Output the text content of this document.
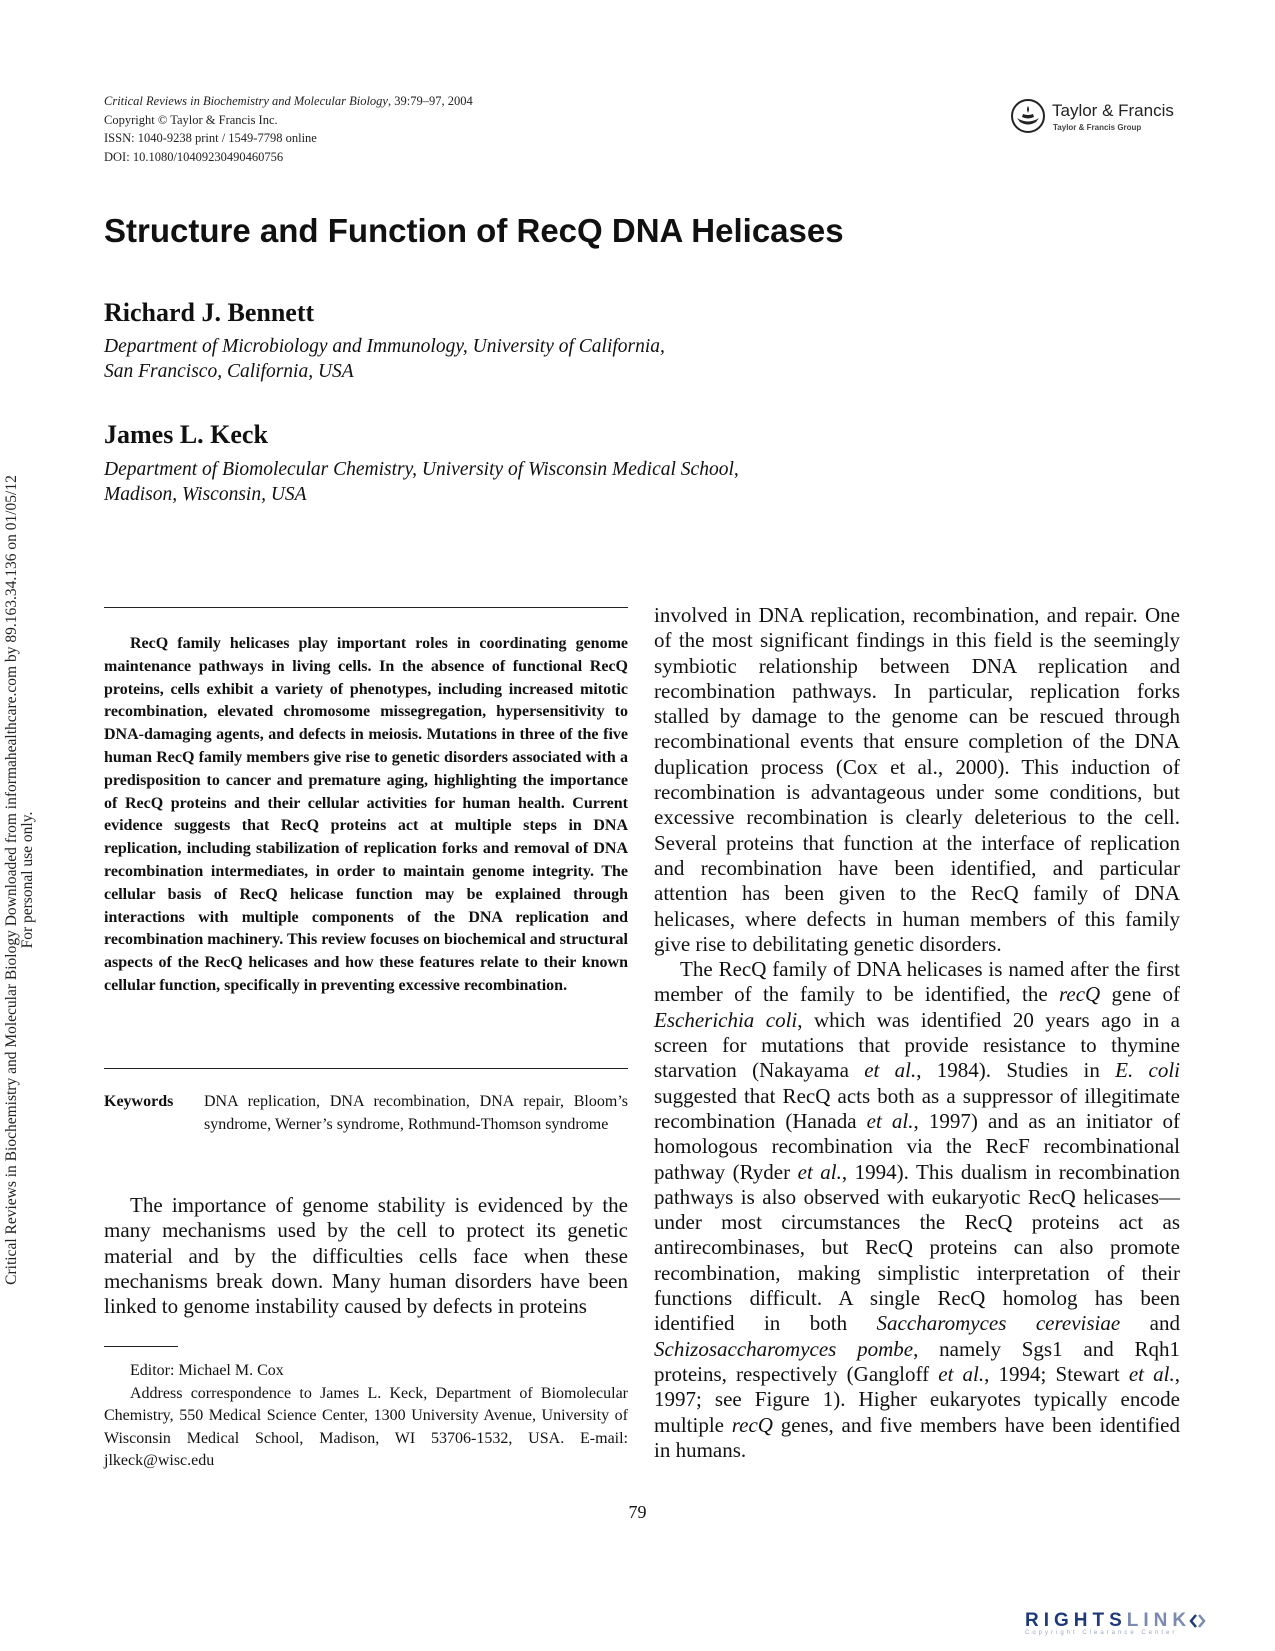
Critical Reviews in Biochemistry and Molecular Biology Downloaded from informahealthcare.com by 89.163.34.136 on 01/05/12 For personal use only.
Critical Reviews in Biochemistry and Molecular Biology, 39:79–97, 2004
Copyright © Taylor & Francis Inc.
ISSN: 1040-9238 print / 1549-7798 online
DOI: 10.1080/10409230490460756
Taylor & Francis
Taylor & Francis Group
Structure and Function of RecQ DNA Helicases
Richard J. Bennett
Department of Microbiology and Immunology, University of California,
San Francisco, California, USA
James L. Keck
Department of Biomolecular Chemistry, University of Wisconsin Medical School,
Madison, Wisconsin, USA

RecQ family helicases play important roles in coordinating genome maintenance pathways in living cells. In the absence of functional RecQ proteins, cells exhibit a variety of phenotypes, including increased mitotic recombination, elevated chromosome missegregation, hypersensitivity to DNA-damaging agents, and defects in meiosis. Mutations in three of the five human RecQ family members give rise to genetic disorders associated with a predisposition to cancer and premature aging, highlighting the importance of RecQ proteins and their cellular activities for human health. Current evidence suggests that RecQ proteins act at multiple steps in DNA replication, including stabilization of replication forks and removal of DNA recombination intermediates, in order to maintain genome integrity. The cellular basis of RecQ helicase function may be explained through interactions with multiple components of the DNA replication and recombination machinery. This review focuses on biochemical and structural aspects of the RecQ helicases and how these features relate to their known cellular function, specifically in preventing excessive recombination.

Keywords DNA replication, DNA recombination, DNA repair, Bloom’s syndrome, Werner’s syndrome, Rothmund-Thomson syndrome

The importance of genome stability is evidenced by the many mechanisms used by the cell to protect its genetic material and by the difficulties cells face when these mechanisms break down. Many human disorders have been linked to genome instability caused by defects in proteins

Editor: Michael M. Cox

Address correspondence to James L. Keck, Department of Biomolecular Chemistry, 550 Medical Science Center, 1300 University Avenue, University of Wisconsin Medical School, Madison, WI 53706-1532, USA. E-mail: jlkeck@wisc.edu

involved in DNA replication, recombination, and repair. One of the most significant findings in this field is the seemingly symbiotic relationship between DNA replication and recombination pathways. In particular, replication forks stalled by damage to the genome can be rescued through recombinational events that ensure completion of the DNA duplication process (Cox et al., 2000). This induction of recombination is advantageous under some conditions, but excessive recombination is clearly deleterious to the cell. Several proteins that function at the interface of replication and recombination have been identified, and particular attention has been given to the RecQ family of DNA helicases, where defects in human members of this family give rise to debilitating genetic disorders.

The RecQ family of DNA helicases is named after the first member of the family to be identified, the recQ gene of Escherichia coli, which was identified 20 years ago in a screen for mutations that provide resistance to thymine starvation (Nakayama et al., 1984). Studies in E. coli suggested that RecQ acts both as a suppressor of illegitimate recombination (Hanada et al., 1997) and as an initiator of homologous recombination via the RecF recombinational pathway (Ryder et al., 1994). This dualism in recombination pathways is also observed with eukaryotic RecQ helicases—under most circumstances the RecQ proteins act as antirecombinases, but RecQ proteins can also promote recombination, making simplistic interpretation of their functions difficult. A single RecQ homolog has been identified in both Saccharomyces cerevisiae and Schizosaccharomyces pombe, namely Sgs1 and Rqh1 proteins, respectively (Gangloff et al., 1994; Stewart et al., 1997; see Figure 1). Higher eukaryotes typically encode multiple recQ genes, and five members have been identified in humans.

79
RIGHTSLINK
Copyright Clearance Center
